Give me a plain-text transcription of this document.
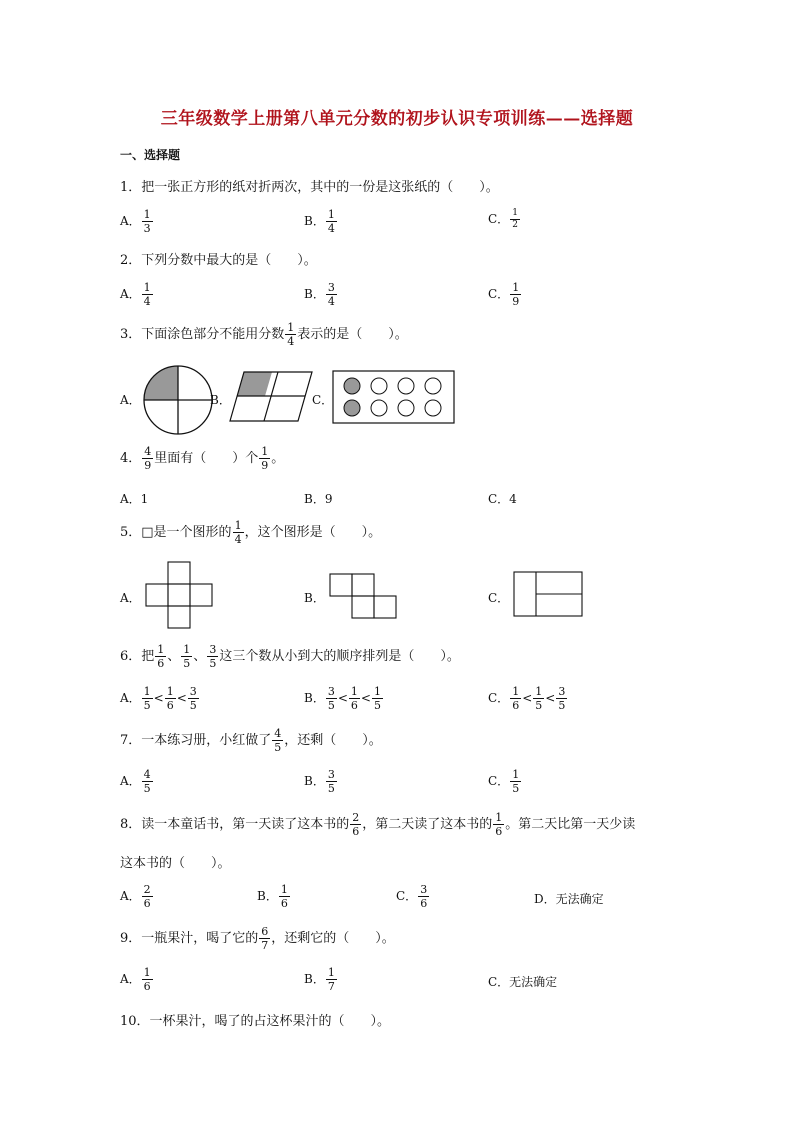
三年级数学上册第八单元分数的初步认识专项训练——选择题
一、选择题
1．把一张正方形的纸对折两次，其中的一份是这张纸的（　　）。
A． $\frac{1}{3}$	B． $\frac{1}{4}$	C． $\frac{1}{2}$
2．下列分数中最大的是（　　）。
A． $\frac{1}{4}$	B． $\frac{3}{4}$	C． $\frac{1}{9}$
3．下面涂色部分不能用分数 $\frac{1}{4}$ 表示的是（　　）。
A．	B．	C．
4． $\frac{4}{9}$ 里面有（　　）个 $\frac{1}{9}$ 。
A．1	B．9	C．4
5．□是一个图形的 $\frac{1}{4}$ ，这个图形是（　　）。
A．	B．	C．
6．把 $\frac{1}{6}$ 、 $\frac{1}{5}$ 、 $\frac{3}{5}$ 这三个数从小到大的顺序排列是（　　）。
A． $\frac{1}{5} < \frac{1}{6} < \frac{3}{5}$	B． $\frac{3}{5} < \frac{1}{6} < \frac{1}{5}$	C． $\frac{1}{6} < \frac{1}{5} < \frac{3}{5}$
7．一本练习册，小红做了 $\frac{4}{5}$ ，还剩（　　）。
A． $\frac{4}{5}$	B． $\frac{3}{5}$	C． $\frac{1}{5}$
8．读一本童话书，第一天读了这本书的 $\frac{2}{6}$ ，第二天读了这本书的 $\frac{1}{6}$ 。第二天比第一天少读
这本书的（　　）。
A． $\frac{2}{6}$	B． $\frac{1}{6}$	C． $\frac{3}{6}$	D．无法确定
9．一瓶果汁，喝了它的 $\frac{6}{7}$ ，还剩它的（　　）。
A． $\frac{1}{6}$	B． $\frac{1}{7}$	C．无法确定
10．一杯果汁，喝了的占这杯果汁的（　　）。
